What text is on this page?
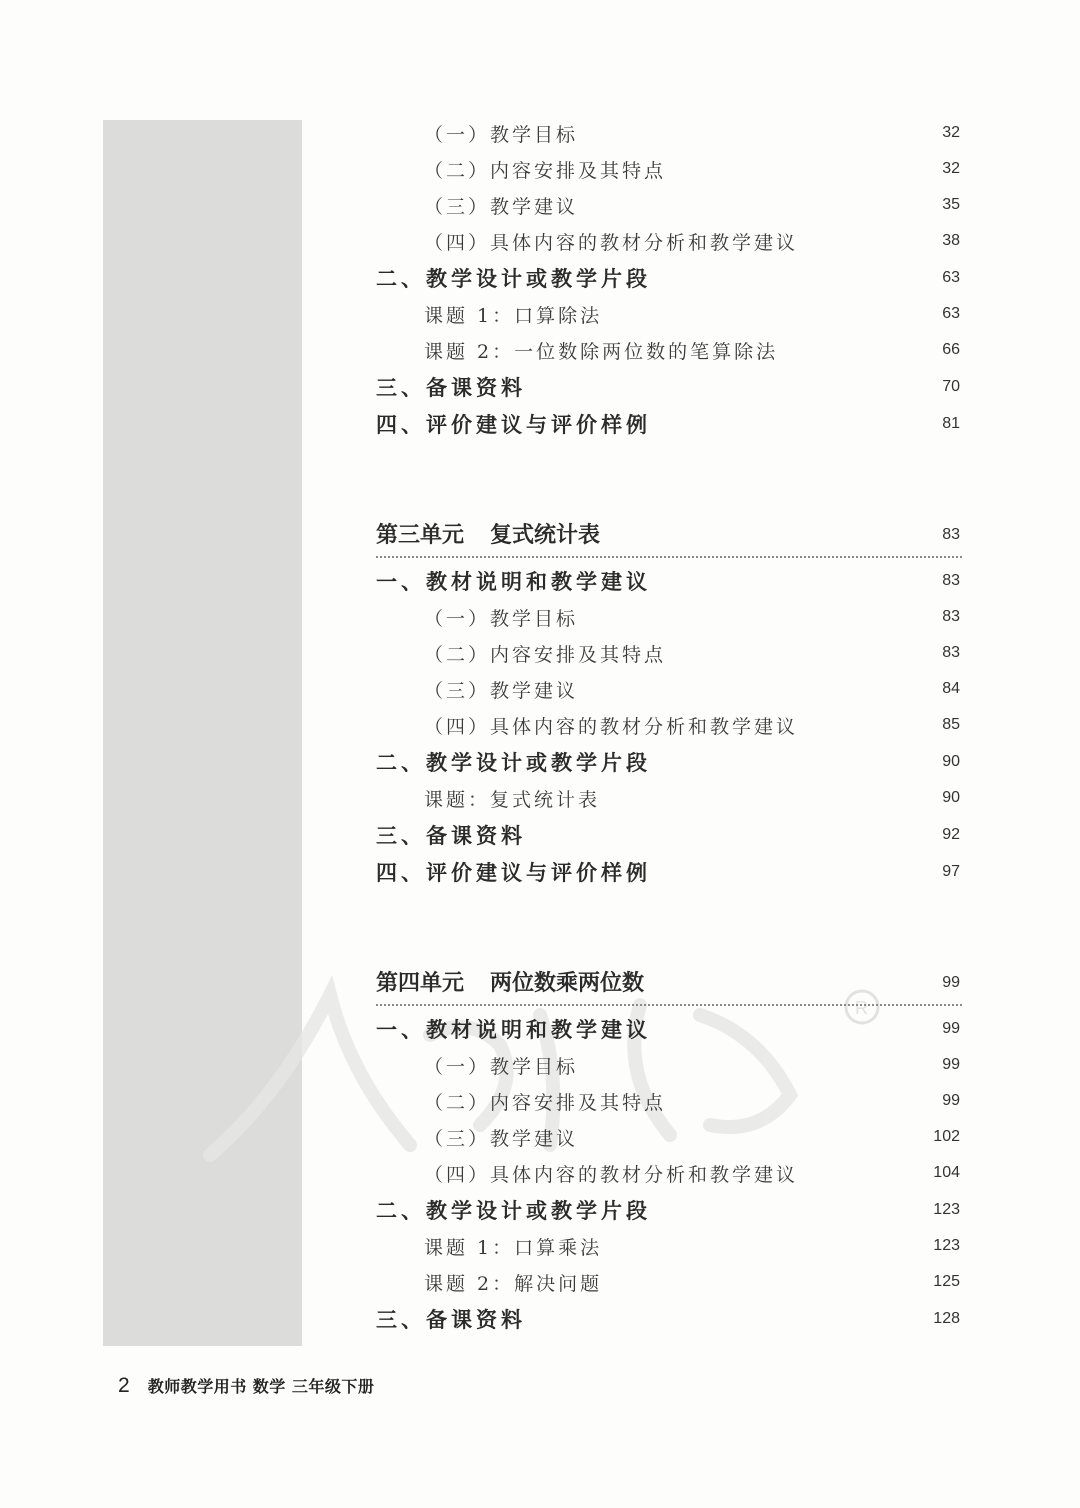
R
（一）教学目标	32
（二）内容安排及其特点	32
（三）教学建议	35
（四）具体内容的教材分析和教学建议	38
二、教学设计或教学片段	63
课题 1：口算除法	63
课题 2：一位数除两位数的笔算除法	66
三、备课资料	70
四、评价建议与评价样例	81
第三单元 复式统计表	83
一、教材说明和教学建议	83
（一）教学目标	83
（二）内容安排及其特点	83
（三）教学建议	84
（四）具体内容的教材分析和教学建议	85
二、教学设计或教学片段	90
课题：复式统计表	90
三、备课资料	92
四、评价建议与评价样例	97
第四单元 两位数乘两位数	99
一、教材说明和教学建议	99
（一）教学目标	99
（二）内容安排及其特点	99
（三）教学建议	102
（四）具体内容的教材分析和教学建议	104
二、教学设计或教学片段	123
课题 1：口算乘法	123
课题 2：解决问题	125
三、备课资料	128
2 教师教学用书 数学 三年级下册
